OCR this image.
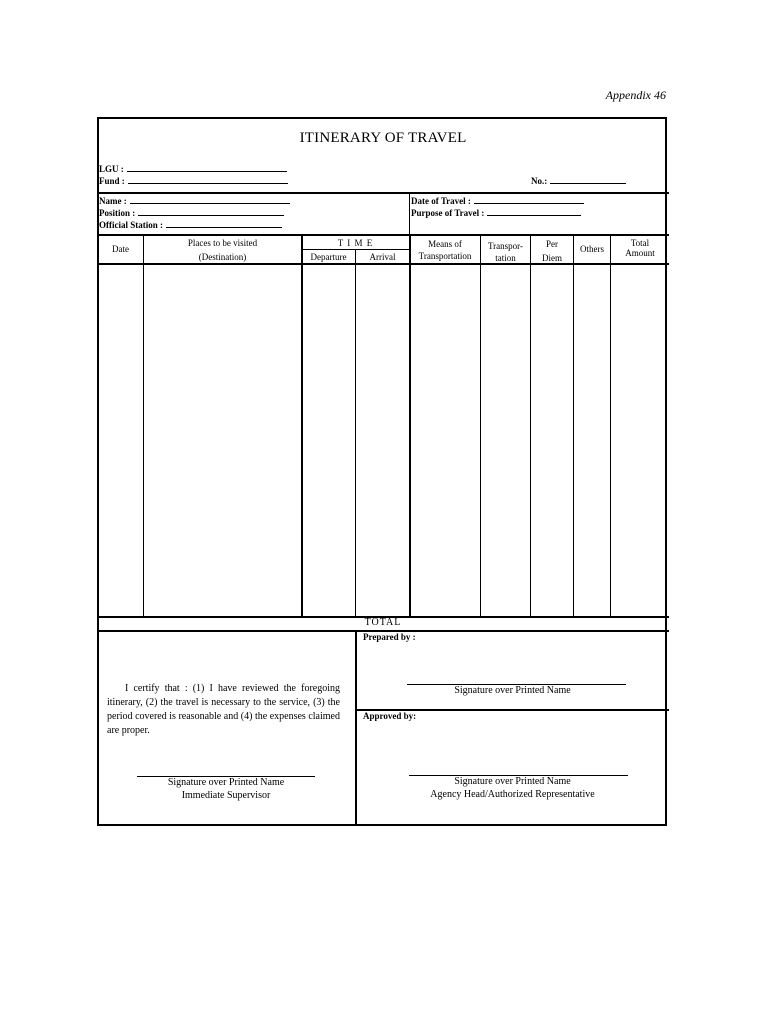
Appendix 46
ITINERARY OF TRAVEL
LGU :
Fund :	No.:
Name :
Position :
Official Station :
Date of Travel :
Purpose of Travel :
Date
Places to be visited
(Destination)
T I M E
Departure	Arrival
Means of
Transportation
Transpor-
tation
Per
Diem
Others
Total
Amount
TOTAL
I certify that : (1) I have reviewed the foregoing itinerary, (2) the travel is necessary to the service, (3) the period covered is reasonable and (4) the expenses claimed are proper.
Signature over Printed Name
Immediate Supervisor
Prepared by :
Signature over Printed Name
Approved by:
Signature over Printed Name
Agency Head/Authorized Representative
